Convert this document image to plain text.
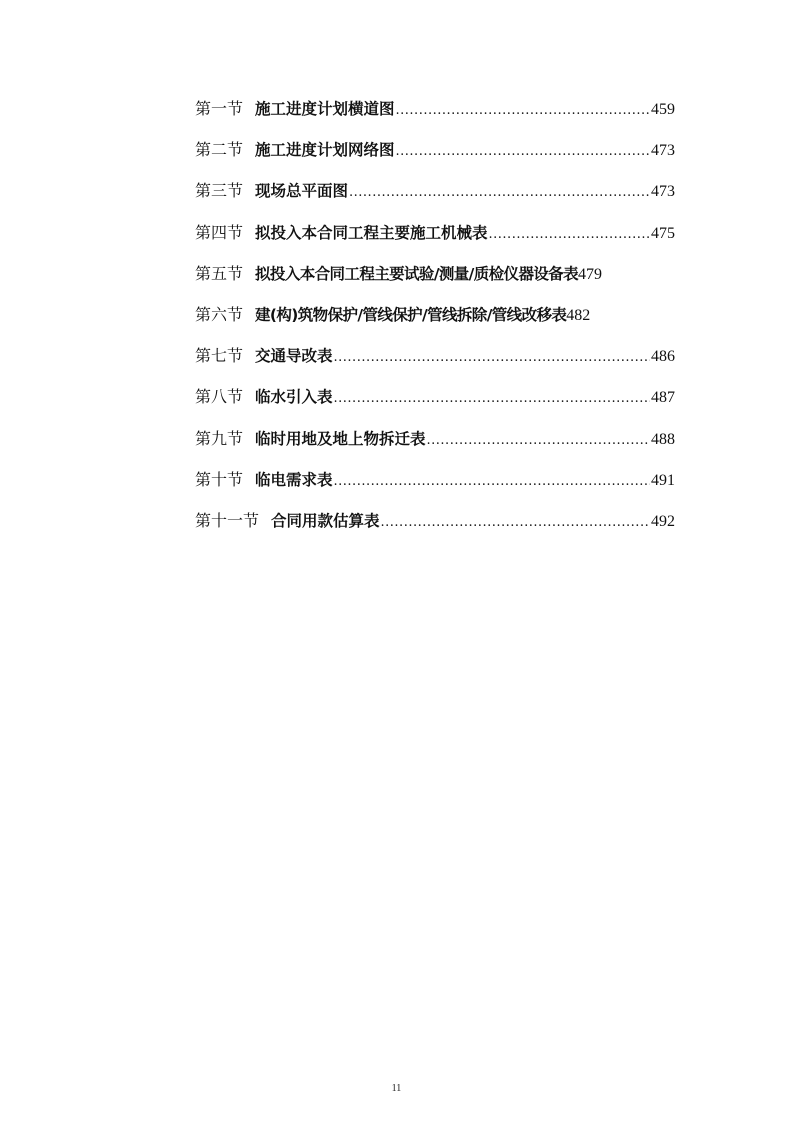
第一节 施工进度计划横道图 .....	459
第二节 施工进度计划网络图 .....	473
第三节 现场总平面图 .....	473
第四节 拟投入本合同工程主要施工机械表 .....	475
第五节 拟投入本合同工程主要试验/测量/质检仪器设备表 479
第六节 建(构)筑物保护/管线保护/管线拆除/管线改移表 482
第七节 交通导改表 .....	486
第八节 临水引入表 .....	487
第九节 临时用地及地上物拆迁表 .....	488
第十节 临电需求表 .....	491
第十一节 合同用款估算表 .....	492
11
